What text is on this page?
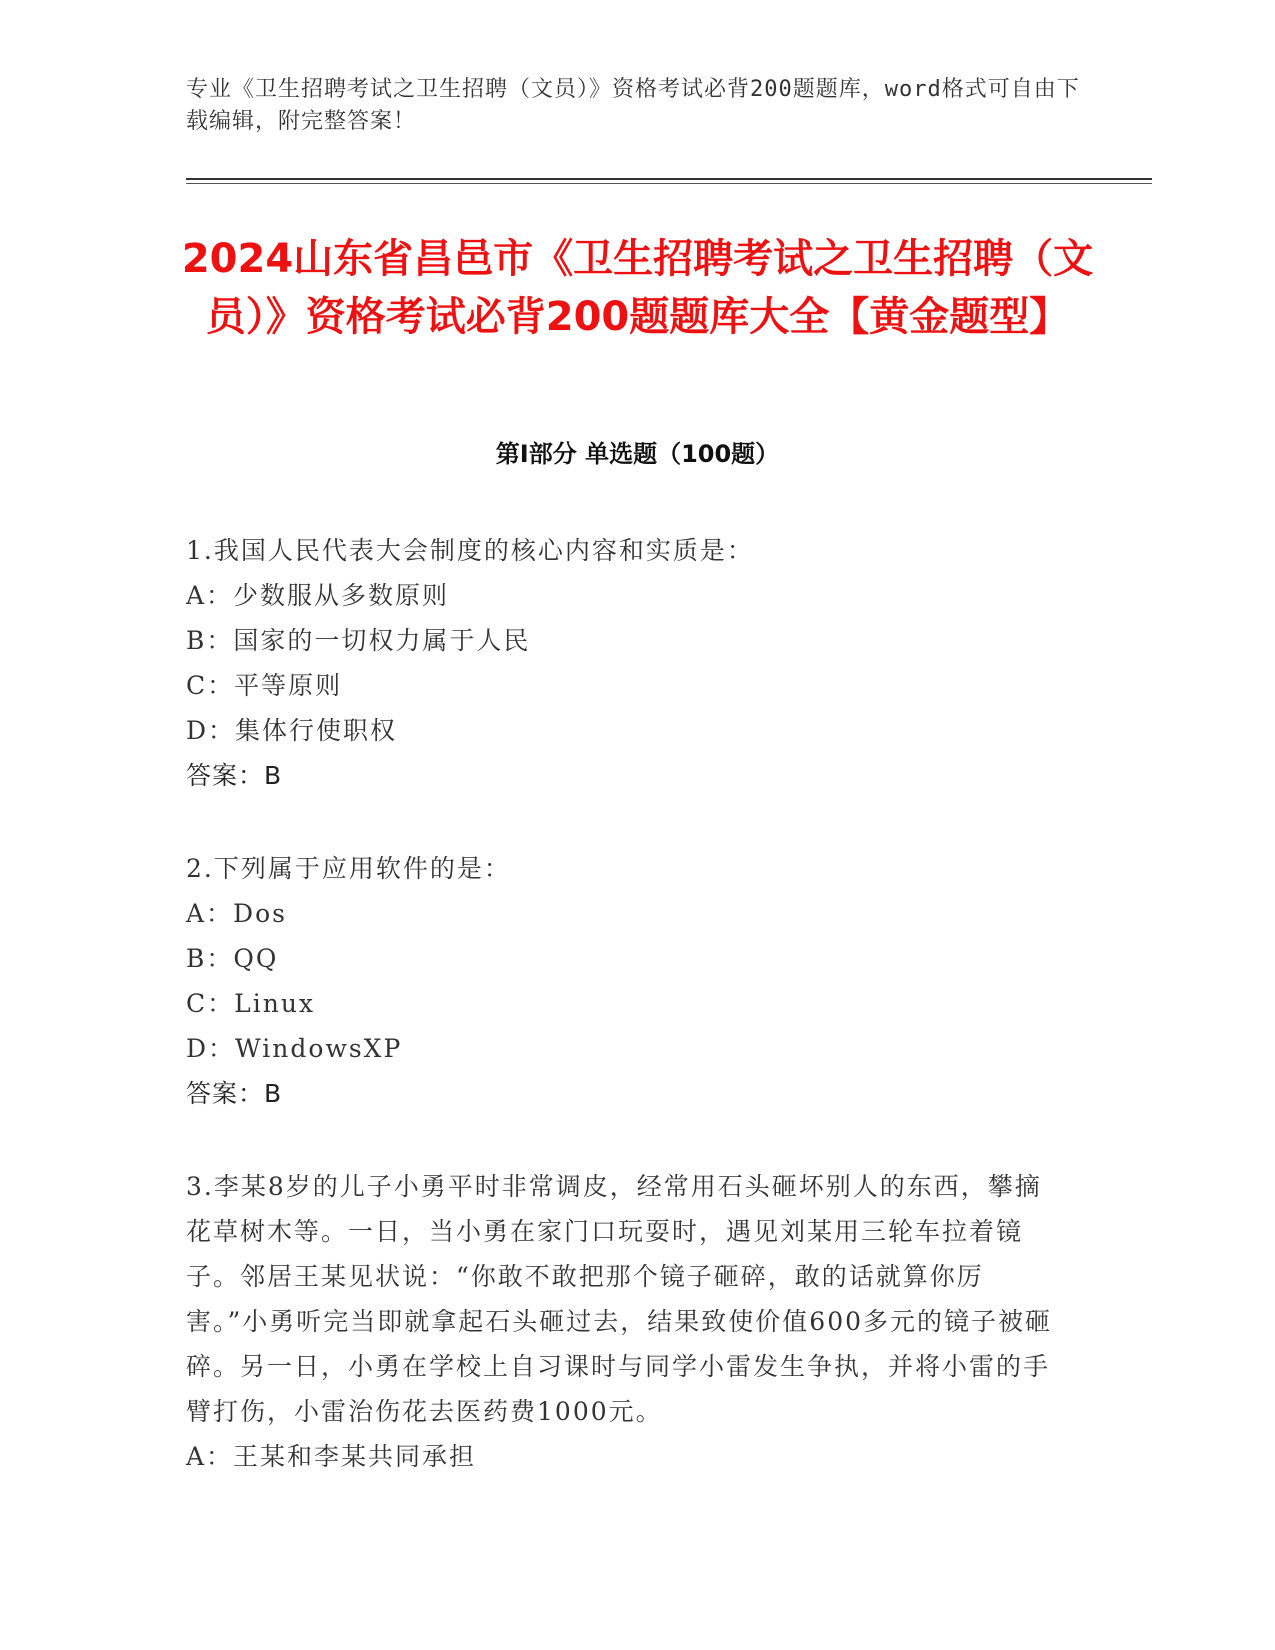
专业《卫生招聘考试之卫生招聘（文员）》资格考试必背200题题库，word格式可自由下载编辑，附完整答案！
2024山东省昌邑市《卫生招聘考试之卫生招聘（文员）》资格考试必背200题题库大全【黄金题型】
第I部分 单选题（100题）

1.我国人民代表大会制度的核心内容和实质是：

A：少数服从多数原则

B：国家的一切权力属于人民

C：平等原则

D：集体行使职权

答案：B

2.下列属于应用软件的是：

A：Dos

B：QQ

C：Linux

D：WindowsXP

答案：B

3.李某8岁的儿子小勇平时非常调皮，经常用石头砸坏别人的东西，攀摘花草树木等。一日，当小勇在家门口玩耍时，遇见刘某用三轮车拉着镜子。邻居王某见状说：“你敢不敢把那个镜子砸碎，敢的话就算你厉害。”小勇听完当即就拿起石头砸过去，结果致使价值600多元的镜子被砸碎。另一日，小勇在学校上自习课时与同学小雷发生争执，并将小雷的手臂打伤，小雷治伤花去医药费1000元。

A：王某和李某共同承担
